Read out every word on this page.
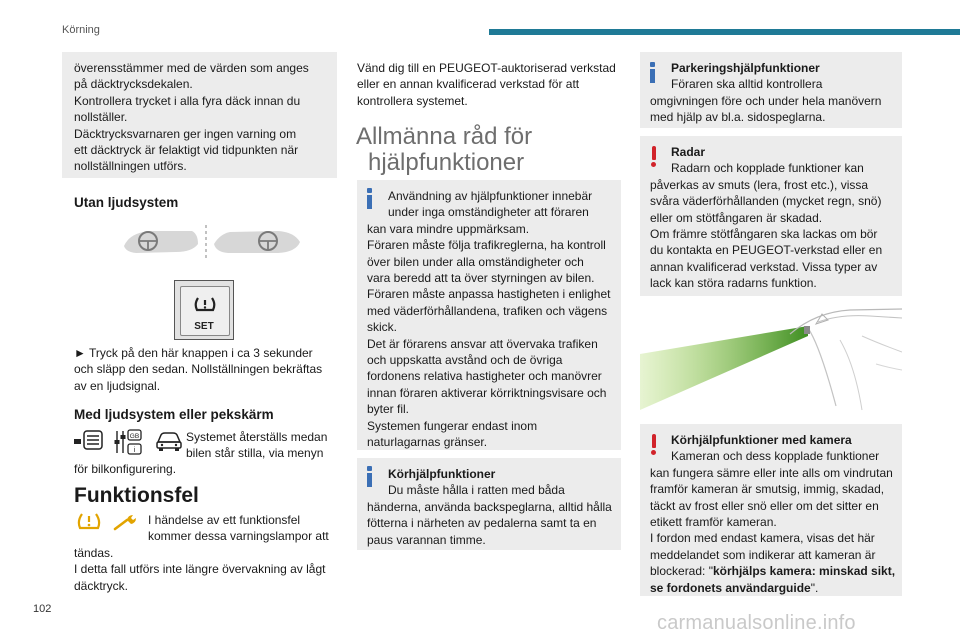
Körning
102
carmanualsonline.info

överensstämmer med de värden som anges

på däcktrycksdekalen.

Kontrollera trycket i alla fyra däck innan du

nollställer.

Däcktrycksvarnaren ger ingen varning om

ett däcktryck är felaktigt vid tidpunkten när

nollställningen utförs.

Utan ljudsystem
SET

► Tryck på den här knappen i ca 3 sekunder

och släpp den sedan. Nollställningen bekräftas

av en ljudsignal.

Med ljudsystem eller pekskärm
GB
i

Systemet återställs medan

bilen står stilla, via menyn

för bilkonfigurering.
Funktionsfel

I händelse av ett funktionsfel

kommer dessa varningslampor att

tändas.

I detta fall utförs inte längre övervakning av lågt

däcktryck.

Vänd dig till en PEUGEOT-auktoriserad verkstad

eller en annan kvalificerad verkstad för att

kontrollera systemet.

Allmänna råd för
hjälpfunktioner

Användning av hjälpfunktioner innebär

under inga omständigheter att föraren

kan vara mindre uppmärksam.

Föraren måste följa trafikreglerna, ha kontroll

över bilen under alla omständigheter och

vara beredd att ta över styrningen av bilen.

Föraren måste anpassa hastigheten i enlighet

med väderförhållandena, trafiken och vägens

skick.

Det är förarens ansvar att övervaka trafiken

och uppskatta avstånd och de övriga

fordonens relativa hastigheter och manövrer

innan föraren aktiverar körriktningsvisare och

byter fil.

Systemen fungerar endast inom

naturlagarnas gränser.

Körhjälpfunktioner

Du måste hålla i ratten med båda

händerna, använda backspeglarna, alltid hålla

fötterna i närheten av pedalerna samt ta en

paus varannan timme.

Parkeringshjälpfunktioner

Föraren ska alltid kontrollera

omgivningen före och under hela manövern

med hjälp av bl.a. sidospeglarna.

Radar

Radarn och kopplade funktioner kan

påverkas av smuts (lera, frost etc.), vissa

svåra väderförhållanden (mycket regn, snö)

eller om stötfångaren är skadad.

Om främre stötfångaren ska lackas om bör

du kontakta en PEUGEOT-verkstad eller en

annan kvalificerad verkstad. Vissa typer av

lack kan störa radarns funktion.

Körhjälpfunktioner med kamera

Kameran och dess kopplade funktioner

kan fungera sämre eller inte alls om vindrutan

framför kameran är smutsig, immig, skadad,

täckt av frost eller snö eller om det sitter en

etikett framför kameran.

I fordon med endast kamera, visas det här

meddelandet som indikerar att kameran är

blockerad: "körhjälps kamera: minskad sikt,

se fordonets användarguide".
